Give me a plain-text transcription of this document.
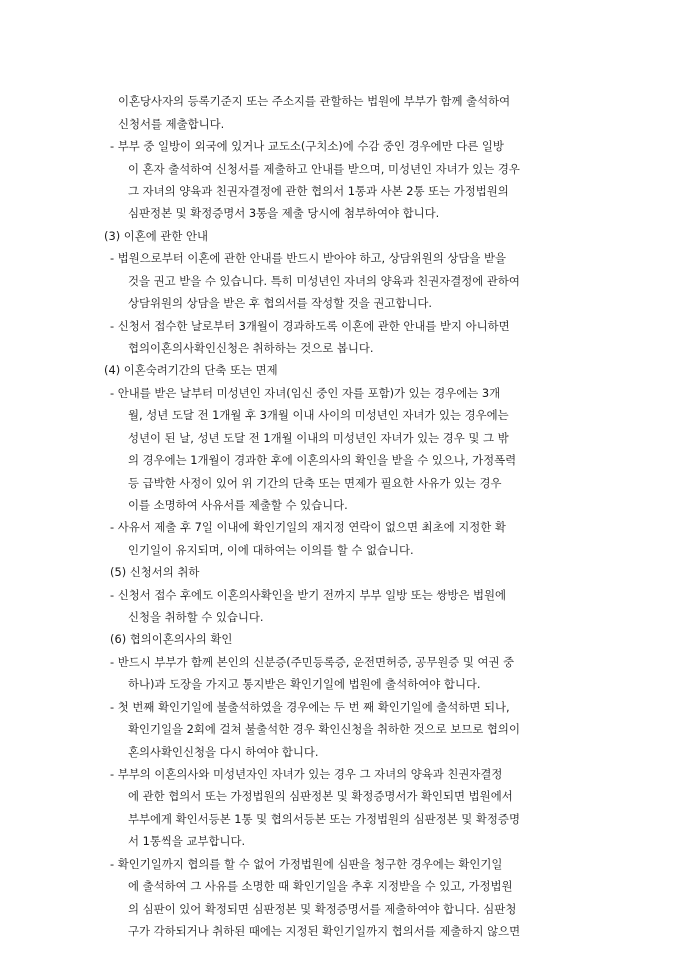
이혼당사자의 등록기준지 또는 주소지를 관할하는 법원에 부부가 함께 출석하여
신청서를 제출합니다.
- 부부 중 일방이 외국에 있거나 교도소(구치소)에 수감 중인 경우에만 다른 일방
이 혼자 출석하여 신청서를 제출하고 안내를 받으며, 미성년인 자녀가 있는 경우
그 자녀의 양육과 친권자결정에 관한 협의서 1통과 사본 2통 또는 가정법원의
심판정본 및 확정증명서 3통을 제출 당시에 첨부하여야 합니다.
(3) 이혼에 관한 안내
- 법원으로부터 이혼에 관한 안내를 반드시 받아야 하고, 상담위원의 상담을 받을
것을 권고 받을 수 있습니다. 특히 미성년인 자녀의 양육과 친권자결정에 관하여
상담위원의 상담을 받은 후 협의서를 작성할 것을 권고합니다.
- 신청서 접수한 날로부터 3개월이 경과하도록 이혼에 관한 안내를 받지 아니하면
협의이혼의사확인신청은 취하하는 것으로 봅니다.
(4) 이혼숙려기간의 단축 또는 면제
- 안내를 받은 날부터 미성년인 자녀(임신 중인 자를 포함)가 있는 경우에는 3개
월, 성년 도달 전 1개월 후 3개월 이내 사이의 미성년인 자녀가 있는 경우에는
성년이 된 날, 성년 도달 전 1개월 이내의 미성년인 자녀가 있는 경우 및 그 밖
의 경우에는 1개월이 경과한 후에 이혼의사의 확인을 받을 수 있으나, 가정폭력
등 급박한 사정이 있어 위 기간의 단축 또는 면제가 필요한 사유가 있는 경우
이를 소명하여 사유서를 제출할 수 있습니다.
- 사유서 제출 후 7일 이내에 확인기일의 재지정 연락이 없으면 최초에 지정한 확
인기일이 유지되며, 이에 대하여는 이의를 할 수 없습니다.
(5) 신청서의 취하
- 신청서 접수 후에도 이혼의사확인을 받기 전까지 부부 일방 또는 쌍방은 법원에
신청을 취하할 수 있습니다.
(6) 협의이혼의사의 확인
- 반드시 부부가 함께 본인의 신분증(주민등록증, 운전면허증, 공무원증 및 여권 중
하나)과 도장을 가지고 통지받은 확인기일에 법원에 출석하여야 합니다.
- 첫 번째 확인기일에 불출석하였을 경우에는 두 번 째 확인기일에 출석하면 되나,
확인기일을 2회에 걸쳐 불출석한 경우 확인신청을 취하한 것으로 보므로 협의이
혼의사확인신청을 다시 하여야 합니다.
- 부부의 이혼의사와 미성년자인 자녀가 있는 경우 그 자녀의 양육과 친권자결정
에 관한 협의서 또는 가정법원의 심판정본 및 확정증명서가 확인되면 법원에서
부부에게 확인서등본 1통 및 협의서등본 또는 가정법원의 심판정본 및 확정증명
서 1통씩을 교부합니다.
- 확인기일까지 협의를 할 수 없어 가정법원에 심판을 청구한 경우에는 확인기일
에 출석하여 그 사유를 소명한 때 확인기일을 추후 지정받을 수 있고, 가정법원
의 심판이 있어 확정되면 심판정본 및 확정증명서를 제출하여야 합니다. 심판청
구가 각하되거나 취하된 때에는 지정된 확인기일까지 협의서를 제출하지 않으면
